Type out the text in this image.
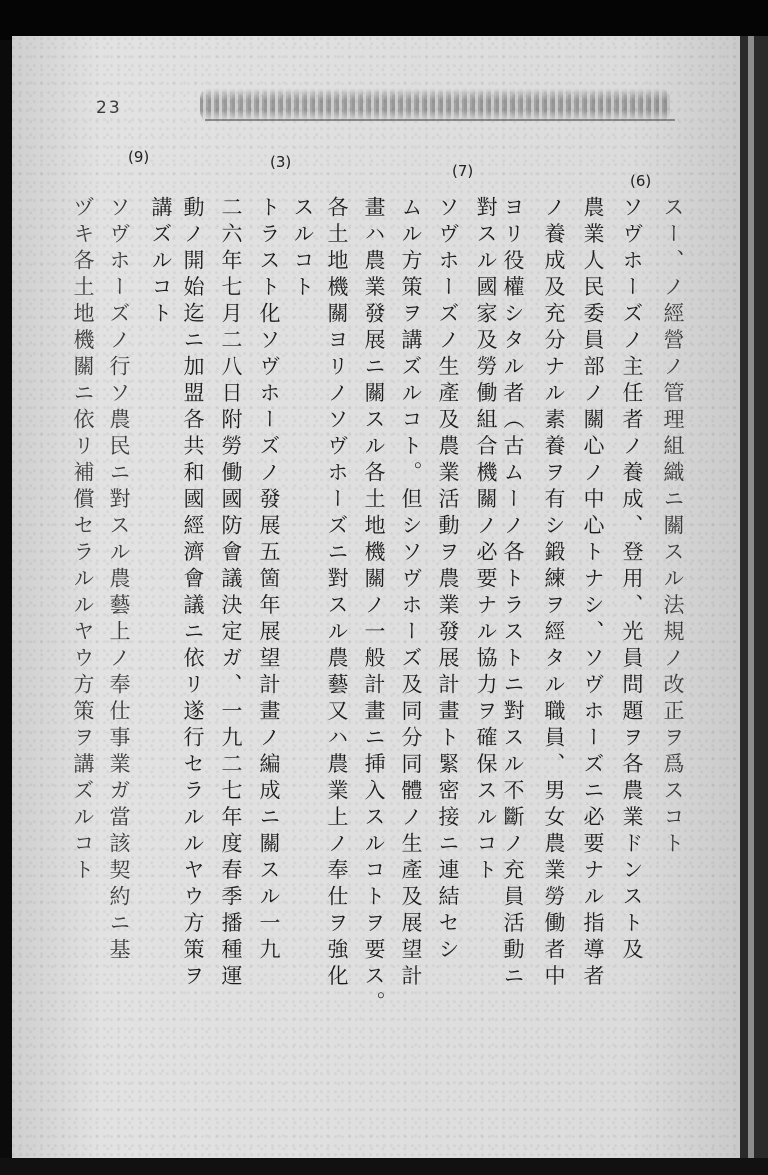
23
(6)
スー、ノ經營ノ管理組織ニ關スル法規ノ改正ヲ爲スコト
ソヴホーズノ主任者ノ養成、登用、光員問題ヲ各農業ドンスト及
農業人民委員部ノ關心ノ中心トナシ、ソヴホーズニ必要ナル指導者
ノ養成及充分ナル素養ヲ有シ鍛練ヲ經タル職員、男女農業勞働者中
ヨリ役權シタル者（古ムーノ各トラストニ對スル不斷ノ充員活動ニ
對スル國家及勞働組合機關ノ必要ナル協力ヲ確保スルコト
(7)
ソヴホーズノ生產及農業活動ヲ農業發展計畫ト緊密接ニ連結セシ
ムル方策ヲ講ズルコト。但シソヴホーズ及同分同體ノ生產及展望計
畫ハ農業發展ニ關スル各土地機關ノ一般計畫ニ挿入スルコトヲ要ス。
各土地機關ヨリノソヴホーズニ對スル農藝又ハ農業上ノ奉仕ヲ強化
スルコト
(3)
トラスト化ソヴホーズノ發展五箇年展望計畫ノ編成ニ關スル一九
二六年七月二八日附勞働國防會議決定ガ、一九二七年度春季播種運
動ノ開始迄ニ加盟各共和國經濟會議ニ依リ遂行セラルルヤウ方策ヲ
講ズルコト
(9)
ソヴホーズノ行ソ農民ニ對スル農藝上ノ奉仕事業ガ當該契約ニ基
ヅキ各土地機關ニ依リ補償セラルルヤウ方策ヲ講ズルコト
